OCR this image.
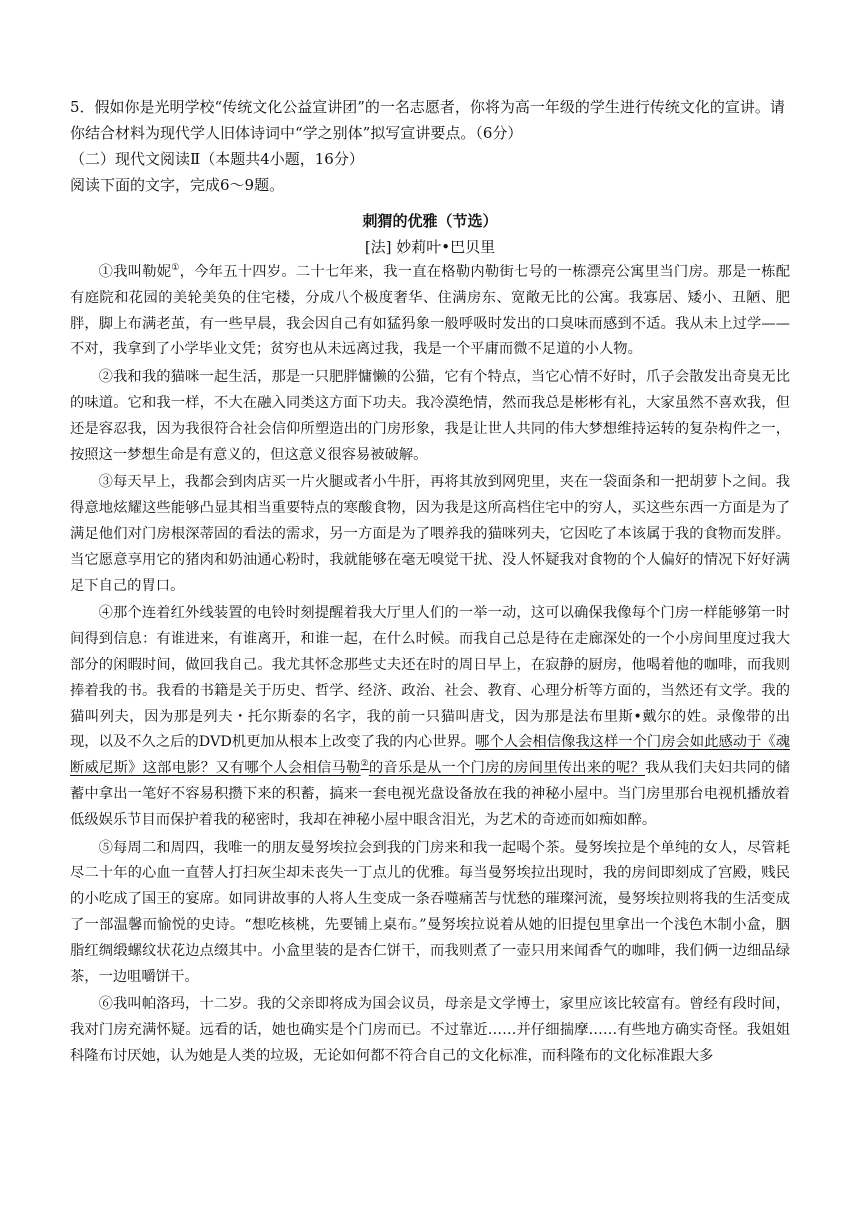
5．假如你是光明学校“传统文化公益宣讲团”的一名志愿者，你将为高一年级的学生进行传统文化的宣讲。请你结合材料为现代学人旧体诗词中“学之别体”拟写宣讲要点。（6分）
（二）现代文阅读Ⅱ（本题共4小题，16分）
阅读下面的文字，完成6～9题。
刺猬的优雅（节选）
[法] 妙莉叶•巴贝里

①我叫勒妮①，今年五十四岁。二十七年来，我一直在格勒内勒街七号的一栋漂亮公寓里当门房。那是一栋配有庭院和花园的美轮美奂的住宅楼，分成八个极度奢华、住满房东、宽敞无比的公寓。我寡居、矮小、丑陋、肥胖，脚上布满老茧，有一些早晨，我会因自己有如猛犸象一般呼吸时发出的口臭味而感到不适。我从未上过学——不对，我拿到了小学毕业文凭；贫穷也从未远离过我，我是一个平庸而微不足道的小人物。

②我和我的猫咪一起生活，那是一只肥胖慵懒的公猫，它有个特点，当它心情不好时，爪子会散发出奇臭无比的味道。它和我一样，不大在融入同类这方面下功夫。我冷漠绝情，然而我总是彬彬有礼，大家虽然不喜欢我，但还是容忍我，因为我很符合社会信仰所塑造出的门房形象，我是让世人共同的伟大梦想维持运转的复杂构件之一，按照这一梦想生命是有意义的，但这意义很容易被破解。

③每天早上，我都会到肉店买一片火腿或者小牛肝，再将其放到网兜里，夹在一袋面条和一把胡萝卜之间。我得意地炫耀这些能够凸显其相当重要特点的寒酸食物，因为我是这所高档住宅中的穷人，买这些东西一方面是为了满足他们对门房根深蒂固的看法的需求，另一方面是为了喂养我的猫咪列夫，它因吃了本该属于我的食物而发胖。当它愿意享用它的猪肉和奶油通心粉时，我就能够在毫无嗅觉干扰、没人怀疑我对食物的个人偏好的情况下好好满足下自己的胃口。

④那个连着红外线装置的电铃时刻提醒着我大厅里人们的一举一动，这可以确保我像每个门房一样能够第一时间得到信息：有谁进来，有谁离开，和谁一起，在什么时候。而我自己总是待在走廊深处的一个小房间里度过我大部分的闲暇时间，做回我自己。我尤其怀念那些丈夫还在时的周日早上，在寂静的厨房，他喝着他的咖啡，而我则捧着我的书。我看的书籍是关于历史、哲学、经济、政治、社会、教育、心理分析等方面的，当然还有文学。我的猫叫列夫，因为那是列夫・托尔斯泰的名字，我的前一只猫叫唐戈，因为那是法布里斯•戴尔的姓。录像带的出现，以及不久之后的DVD机更加从根本上改变了我的内心世界。哪个人会相信像我这样一个门房会如此感动于《魂断威尼斯》这部电影？又有哪个人会相信马勒②的音乐是从一个门房的房间里传出来的呢？我从我们夫妇共同的储蓄中拿出一笔好不容易积攒下来的积蓄，搞来一套电视光盘设备放在我的神秘小屋中。当门房里那台电视机播放着低级娱乐节目而保护着我的秘密时，我却在神秘小屋中眼含泪光，为艺术的奇迹而如痴如醉。

⑤每周二和周四，我唯一的朋友曼努埃拉会到我的门房来和我一起喝个茶。曼努埃拉是个单纯的女人，尽管耗尽二十年的心血一直替人打扫灰尘却未丧失一丁点儿的优雅。每当曼努埃拉出现时，我的房间即刻成了宫殿，贱民的小吃成了国王的宴席。如同讲故事的人将人生变成一条吞噬痛苦与忧愁的璀璨河流，曼努埃拉则将我的生活变成了一部温馨而愉悦的史诗。“想吃核桃，先要铺上桌布。”曼努埃拉说着从她的旧提包里拿出一个浅色木制小盒，胭脂红绸缎螺纹状花边点缀其中。小盒里装的是杏仁饼干，而我则煮了一壶只用来闻香气的咖啡，我们俩一边细品绿茶，一边咀嚼饼干。

⑥我叫帕洛玛，十二岁。我的父亲即将成为国会议员，母亲是文学博士，家里应该比较富有。曾经有段时间，我对门房充满怀疑。远看的话，她也确实是个门房而已。不过靠近……并仔细揣摩……有些地方确实奇怪。我姐姐科隆布讨厌她，认为她是人类的垃圾，无论如何都不符合自己的文化标准，而科隆布的文化标准跟大多
